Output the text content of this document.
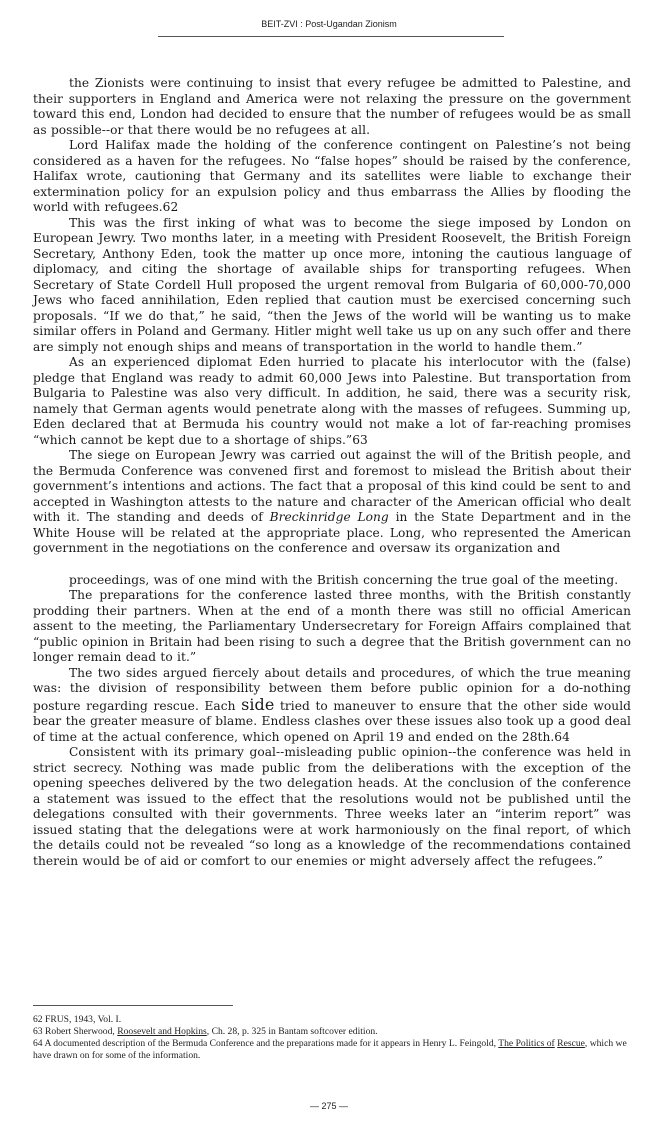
BEIT-ZVI : Post-Ugandan Zionism

the Zionists were continuing to insist that every refugee be admitted to Palestine, and their supporters in England and America were not relaxing the pressure on the government toward this end, London had decided to ensure that the number of refugees would be as small as possible--or that there would be no refugees at all.

Lord Halifax made the holding of the conference contingent on Palestine’s not being considered as a haven for the refugees. No “false hopes” should be raised by the conference, Halifax wrote, cautioning that Germany and its satellites were liable to exchange their extermination policy for an expulsion policy and thus embarrass the Allies by flooding the world with refugees.62

This was the first inking of what was to become the siege imposed by London on European Jewry. Two months later, in a meeting with President Roosevelt, the British Foreign Secretary, Anthony Eden, took the matter up once more, intoning the cautious language of diplomacy, and citing the shortage of available ships for transporting refugees. When Secretary of State Cordell Hull proposed the urgent removal from Bulgaria of 60,000-70,000 Jews who faced annihilation, Eden replied that caution must be exercised concerning such proposals. “If we do that,” he said, “then the Jews of the world will be wanting us to make similar offers in Poland and Germany. Hitler might well take us up on any such offer and there are simply not enough ships and means of transportation in the world to handle them.”

As an experienced diplomat Eden hurried to placate his interlocutor with the (false) pledge that England was ready to admit 60,000 Jews into Palestine. But transportation from Bulgaria to Palestine was also very difficult. In addition, he said, there was a security risk, namely that German agents would penetrate along with the masses of refugees. Summing up, Eden declared that at Bermuda his country would not make a lot of far-reaching promises “which cannot be kept due to a shortage of ships.”63

The siege on European Jewry was carried out against the will of the British people, and the Bermuda Conference was convened first and foremost to mislead the British about their government’s intentions and actions. The fact that a proposal of this kind could be sent to and accepted in Washington attests to the nature and character of the American official who dealt with it. The standing and deeds of Breckinridge Long in the State Department and in the White House will be related at the appropriate place. Long, who represented the American government in the negotiations on the conference and oversaw its organization and

proceedings, was of one mind with the British concerning the true goal of the meeting.

The preparations for the conference lasted three months, with the British constantly prodding their partners. When at the end of a month there was still no official American assent to the meeting, the Parliamentary Undersecretary for Foreign Affairs complained that “public opinion in Britain had been rising to such a degree that the British government can no longer remain dead to it.”

The two sides argued fiercely about details and procedures, of which the true meaning was: the division of responsibility between them before public opinion for a do-nothing posture regarding rescue. Each side tried to maneuver to ensure that the other side would bear the greater measure of blame. Endless clashes over these issues also took up a good deal of time at the actual conference, which opened on April 19 and ended on the 28th.64

Consistent with its primary goal--misleading public opinion--the conference was held in strict secrecy. Nothing was made public from the deliberations with the exception of the opening speeches delivered by the two delegation heads. At the conclusion of the conference a statement was issued to the effect that the resolutions would not be published until the delegations consulted with their governments. Three weeks later an “interim report” was issued stating that the delegations were at work harmoniously on the final report, of which the details could not be revealed “so long as a knowledge of the recommendations contained therein would be of aid or comfort to our enemies or might adversely affect the refugees.”

62 FRUS, 1943, Vol. I.
63 Robert Sherwood, Roosevelt and Hopkins, Ch. 28, p. 325 in Bantam softcover edition.
64 A documented description of the Bermuda Conference and the preparations made for it appears in Henry L. Feingold, The Politics of Rescue, which we have drawn on for some of the information.
— 275 —
